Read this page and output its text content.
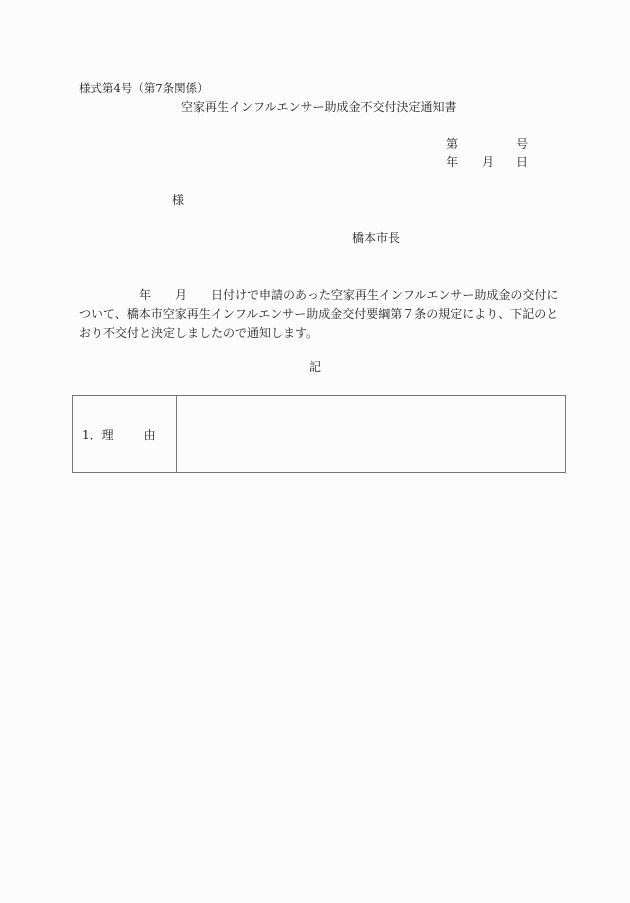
様式第4号（第7条関係）
空家再生インフルエンサー助成金不交付決定通知書
第	号
年 月 日
様
橋本市長
　　　　　年　　月　　日付けで申請のあった空家再生インフルエンサー助成金の交付に
ついて、橋本市空家再生インフルエンサー助成金交付要綱第７条の規定により、下記のと
おり不交付と決定しましたので通知します。
記
1．理	由	
